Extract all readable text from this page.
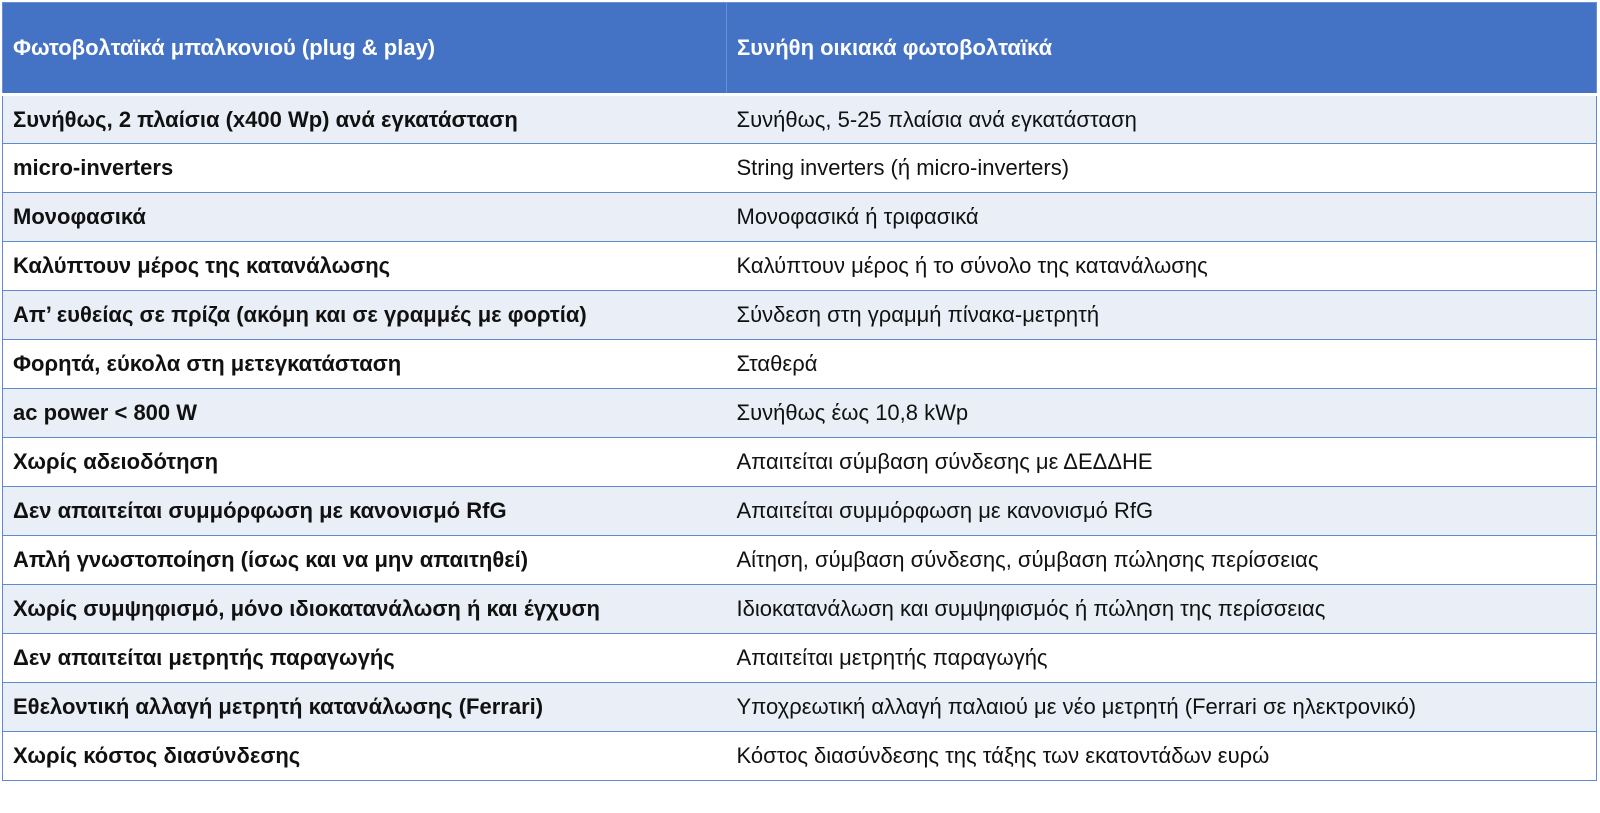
Φωτοβολταϊκά μπαλκονιού (plug & play)	Συνήθη οικιακά φωτοβολταϊκά
Συνήθως, 2 πλαίσια (x400 Wp) ανά εγκατάσταση	Συνήθως, 5-25 πλαίσια ανά εγκατάσταση
micro-inverters	String inverters (ή micro-inverters)
Μονοφασικά	Μονοφασικά ή τριφασικά
Καλύπτουν μέρος της κατανάλωσης	Καλύπτουν μέρος ή το σύνολο της κατανάλωσης
Απ’ ευθείας σε πρίζα (ακόμη και σε γραμμές με φορτία)	Σύνδεση στη γραμμή πίνακα-μετρητή
Φορητά, εύκολα στη μετεγκατάσταση	Σταθερά
ac power < 800 W	Συνήθως έως 10,8 kWp
Χωρίς αδειοδότηση	Απαιτείται σύμβαση σύνδεσης με ΔΕΔΔΗΕ
Δεν απαιτείται συμμόρφωση με κανονισμό RfG	Απαιτείται συμμόρφωση με κανονισμό RfG
Απλή γνωστοποίηση (ίσως και να μην απαιτηθεί)	Αίτηση, σύμβαση σύνδεσης, σύμβαση πώλησης περίσσειας
Χωρίς συμψηφισμό, μόνο ιδιοκατανάλωση ή και έγχυση	Ιδιοκατανάλωση και συμψηφισμός ή πώληση της περίσσειας
Δεν απαιτείται μετρητής παραγωγής	Απαιτείται μετρητής παραγωγής
Εθελοντική αλλαγή μετρητή κατανάλωσης (Ferrari)	Υποχρεωτική αλλαγή παλαιού με νέο μετρητή (Ferrari σε ηλεκτρονικό)
Χωρίς κόστος διασύνδεσης	Κόστος διασύνδεσης της τάξης των εκατοντάδων ευρώ
